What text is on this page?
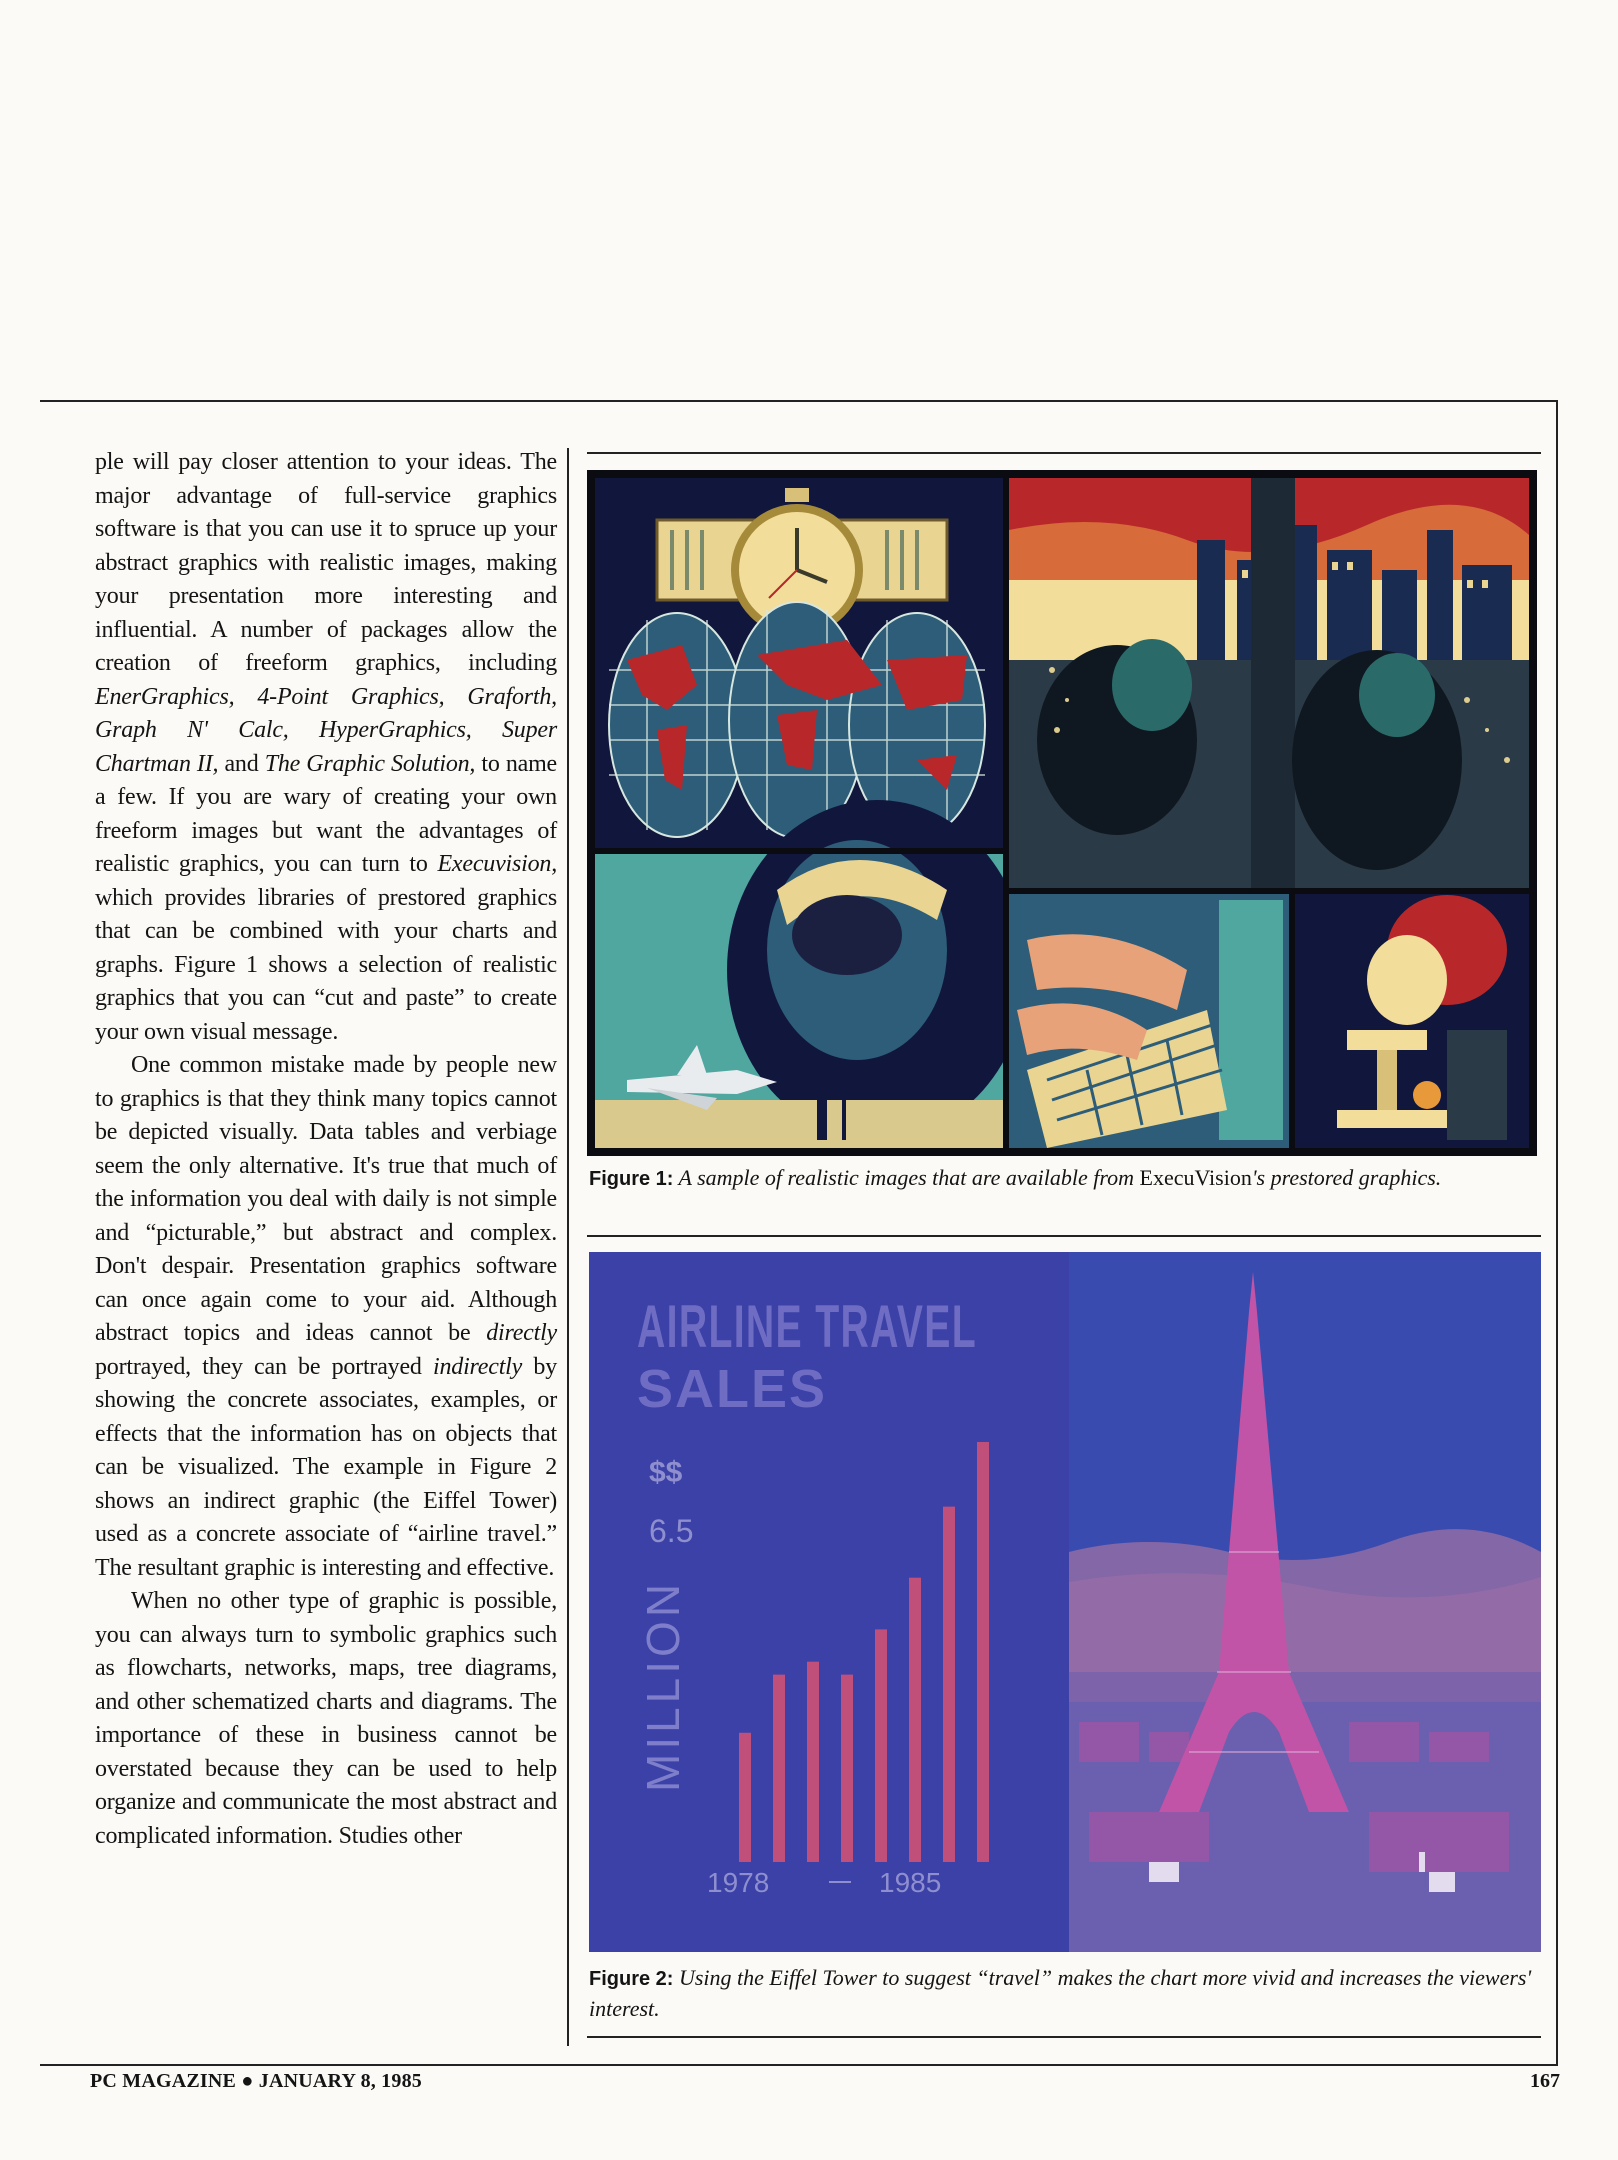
ple will pay closer attention to your ideas. The major advantage of full-service graphics software is that you can use it to spruce up your abstract graphics with realistic images, making your presentation more interesting and influential. A number of packages allow the creation of freeform graphics, including EnerGraphics, 4-Point Graphics, Graforth, Graph N' Calc, HyperGraphics, Super Chartman II, and The Graphic Solution, to name a few. If you are wary of creating your own freeform images but want the advantages of realistic graphics, you can turn to Execuvision, which provides libraries of prestored graphics that can be combined with your charts and graphs. Figure 1 shows a selection of realistic graphics that you can “cut and paste” to create your own visual message.

One common mistake made by people new to graphics is that they think many topics cannot be depicted visually. Data tables and verbiage seem the only alternative. It's true that much of the information you deal with daily is not simple and “picturable,” but abstract and complex. Don't despair. Presentation graphics software can once again come to your aid. Although abstract topics and ideas cannot be directly portrayed, they can be portrayed indirectly by showing the concrete associates, examples, or effects that the information has on objects that can be visualized. The example in Figure 2 shows an indirect graphic (the Eiffel Tower) used as a concrete associate of “airline travel.” The resultant graphic is interesting and effective.

When no other type of graphic is possible, you can always turn to symbolic graphics such as flowcharts, networks, maps, tree diagrams, and other schematized charts and diagrams. The importance of these in business cannot be overstated because they can be used to help organize and communicate the most abstract and complicated information. Studies other

Figure 1: A sample of realistic images that are available from ExecuVision's prestored graphics.
AIRLINE TRAVEL
SALES
$$
6.5
MILLION
1978	1985
Figure 2: Using the Eiffel Tower to suggest “travel” makes the chart more vivid and increases the viewers' interest.
PC MAGAZINE ● JANUARY 8, 1985	167
